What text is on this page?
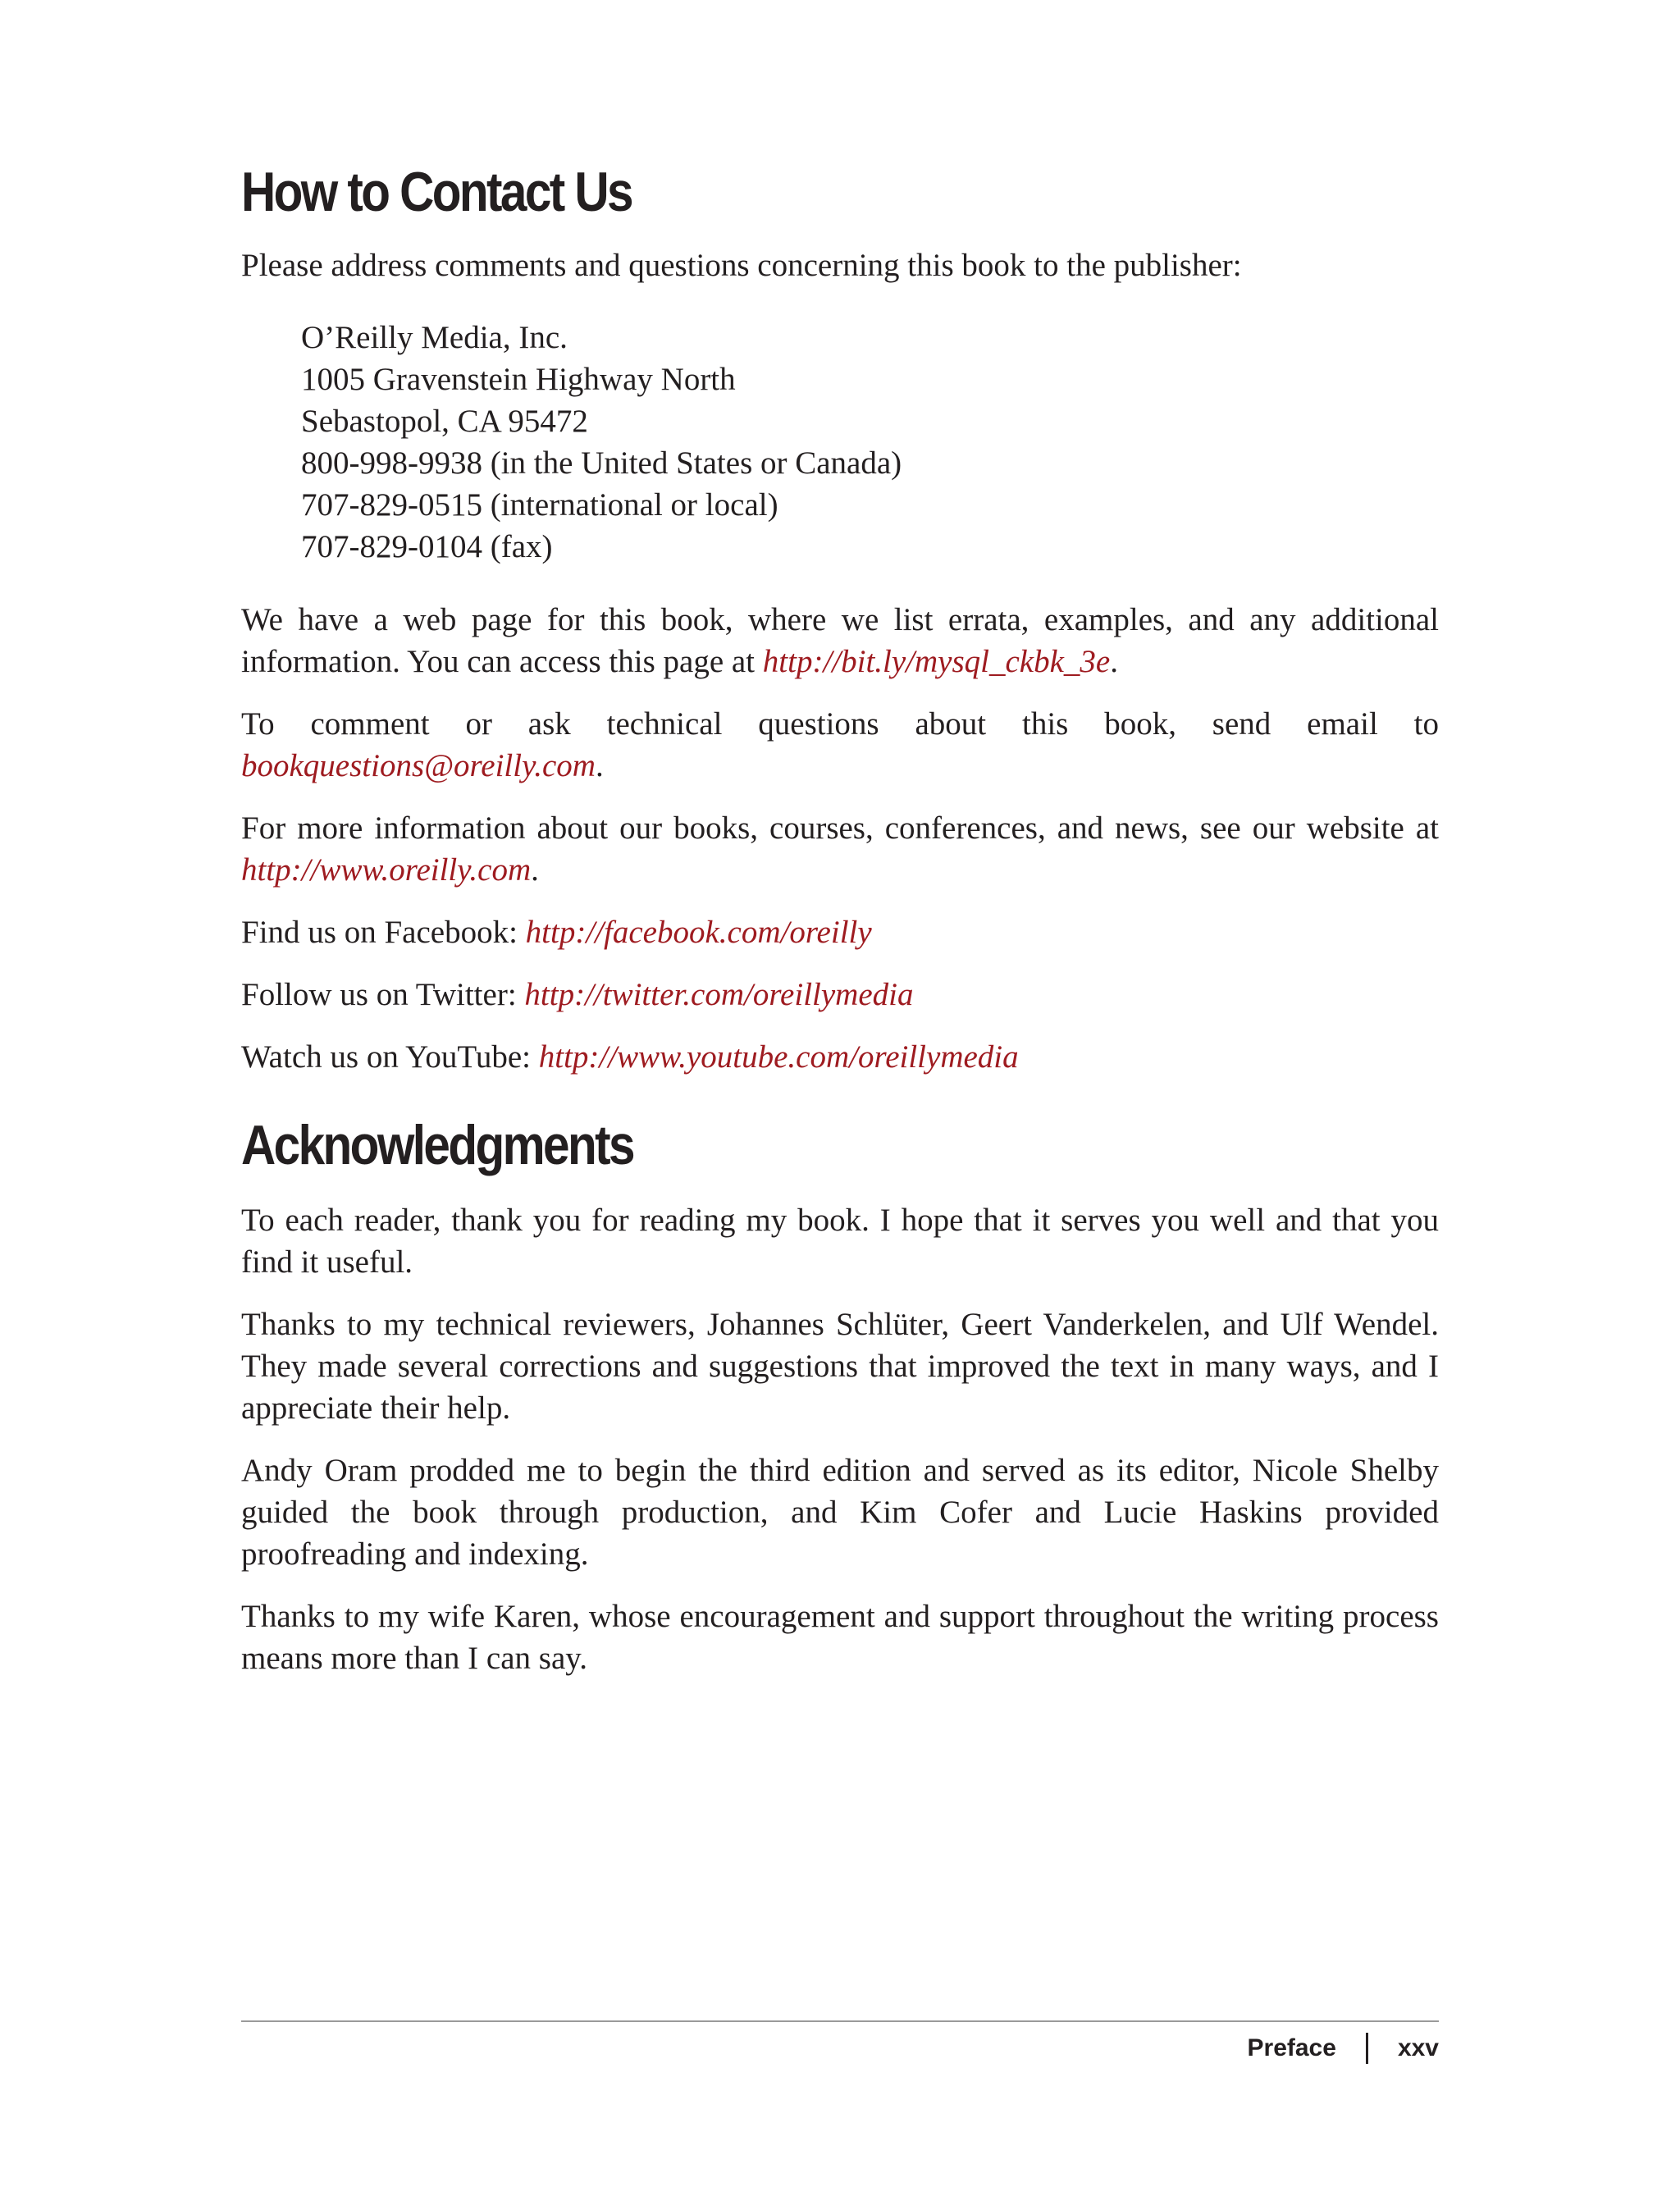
How to Contact Us

Please address comments and questions concerning this book to the publisher:

O’Reilly Media, Inc.
1005 Gravenstein Highway North
Sebastopol, CA 95472
800-998-9938 (in the United States or Canada)
707-829-0515 (international or local)
707-829-0104 (fax)

We have a web page for this book, where we list errata, examples, and any additional information. You can access this page at http://bit.ly/mysql_ckbk_3e.

To comment or ask technical questions about this book, send email to bookquestions@oreilly.com.

For more information about our books, courses, conferences, and news, see our website at http://www.oreilly.com.

Find us on Facebook: http://facebook.com/oreilly

Follow us on Twitter: http://twitter.com/oreillymedia

Watch us on YouTube: http://www.youtube.com/oreillymedia

Acknowledgments

To each reader, thank you for reading my book. I hope that it serves you well and that you find it useful.

Thanks to my technical reviewers, Johannes Schlüter, Geert Vanderkelen, and Ulf Wendel. They made several corrections and suggestions that improved the text in many ways, and I appreciate their help.

Andy Oram prodded me to begin the third edition and served as its editor, Nicole Shelby guided the book through production, and Kim Cofer and Lucie Haskins provided proofreading and indexing.

Thanks to my wife Karen, whose encouragement and support throughout the writing process means more than I can say.

Preface	xxv
